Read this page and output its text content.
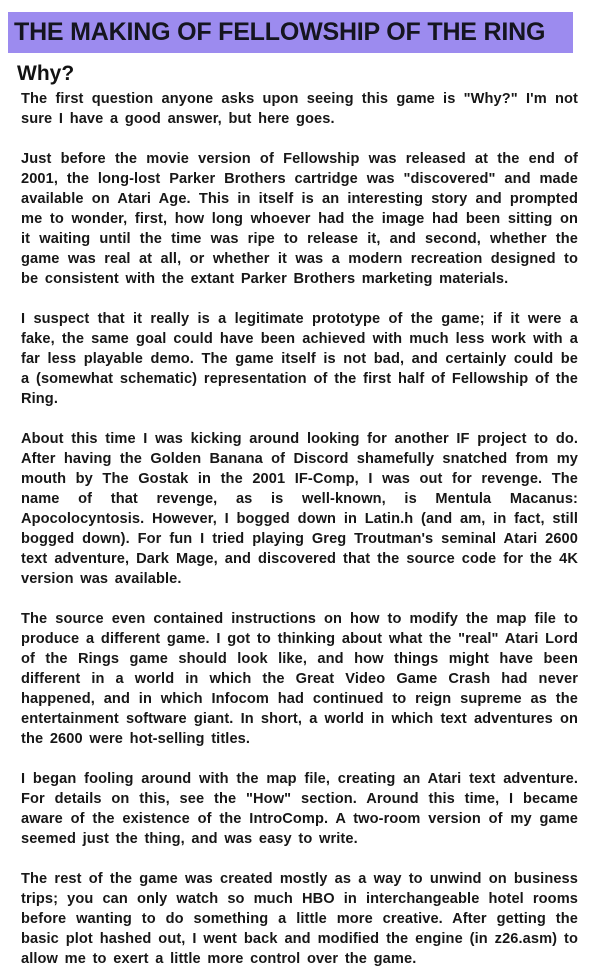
THE MAKING OF FELLOWSHIP OF THE RING
Why?

The first question anyone asks upon seeing this game is "Why?" I'm not sure I have a good answer, but here goes.

Just before the movie version of Fellowship was released at the end of 2001, the long-lost Parker Brothers cartridge was "discovered" and made available on Atari Age. This in itself is an interesting story and prompted me to wonder, first, how long whoever had the image had been sitting on it waiting until the time was ripe to release it, and second, whether the game was real at all, or whether it was a modern recreation designed to be consistent with the extant Parker Brothers marketing materials.

I suspect that it really is a legitimate prototype of the game; if it were a fake, the same goal could have been achieved with much less work with a far less playable demo. The game itself is not bad, and certainly could be a (somewhat schematic) representation of the first half of Fellowship of the Ring.

About this time I was kicking around looking for another IF project to do. After having the Golden Banana of Discord shamefully snatched from my mouth by The Gostak in the 2001 IF-Comp, I was out for revenge. The name of that revenge, as is well-known, is Mentula Macanus: Apocolocyntosis. However, I bogged down in Latin.h (and am, in fact, still bogged down). For fun I tried playing Greg Troutman's seminal Atari 2600 text adventure, Dark Mage, and discovered that the source code for the 4K version was available.

The source even contained instructions on how to modify the map file to produce a different game. I got to thinking about what the "real" Atari Lord of the Rings game should look like, and how things might have been different in a world in which the Great Video Game Crash had never happened, and in which Infocom had continued to reign supreme as the entertainment software giant. In short, a world in which text adventures on the 2600 were hot-selling titles.

I began fooling around with the map file, creating an Atari text adventure. For details on this, see the "How" section. Around this time, I became aware of the existence of the IntroComp. A two-room version of my game seemed just the thing, and was easy to write.

The rest of the game was created mostly as a way to unwind on business trips; you can only watch so much HBO in interchangeable hotel rooms before wanting to do something a little more creative. After getting the basic plot hashed out, I went back and modified the engine (in z26.asm) to allow me to exert a little more control over the game.
